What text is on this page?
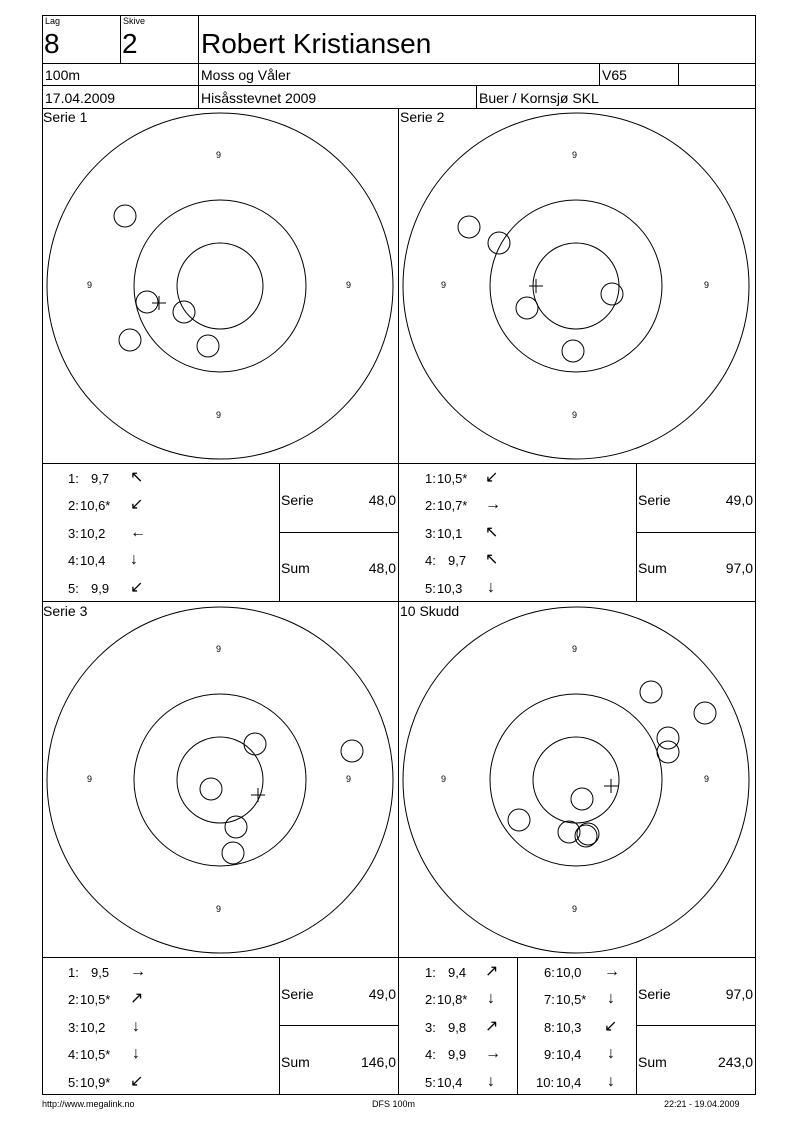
Lag
8
Skive
2 Robert Kristiansen
100m	Moss og Våler	V65
17.04.2009	Hisåsstevnet 2009	Buer / Kornsjø SKL
Serie 1	Serie 2
Serie 3	10 Skudd
9
9	9
9
9
9	9
9
9
9	9
9
9
9	9
9
1: 9,7 ↖
2: 10,6* ↙
3: 10,2 ←
4: 10,4 ↓
5: 9,9 ↙
Serie	48,0
Sum	48,0
1: 10,5* ↙
2: 10,7* →
3: 10,1 ↖
4: 9,7 ↖
5: 10,3 ↓
Serie	49,0
Sum	97,0
1: 9,5 →
2: 10,5* ↗
3: 10,2 ↓
4: 10,5* ↓
5: 10,9* ↙
Serie	49,0
Sum	146,0
1: 9,4 ↗
2: 10,8* ↓
3: 9,8 ↗
4: 9,9 →
5: 10,4 ↓
6: 10,0 →
7: 10,5* ↓
8: 10,3 ↙
9: 10,4 ↓
10: 10,4 ↓
Serie	97,0
Sum	243,0
http://www.megalink.no	DFS 100m	22:21 - 19.04.2009
